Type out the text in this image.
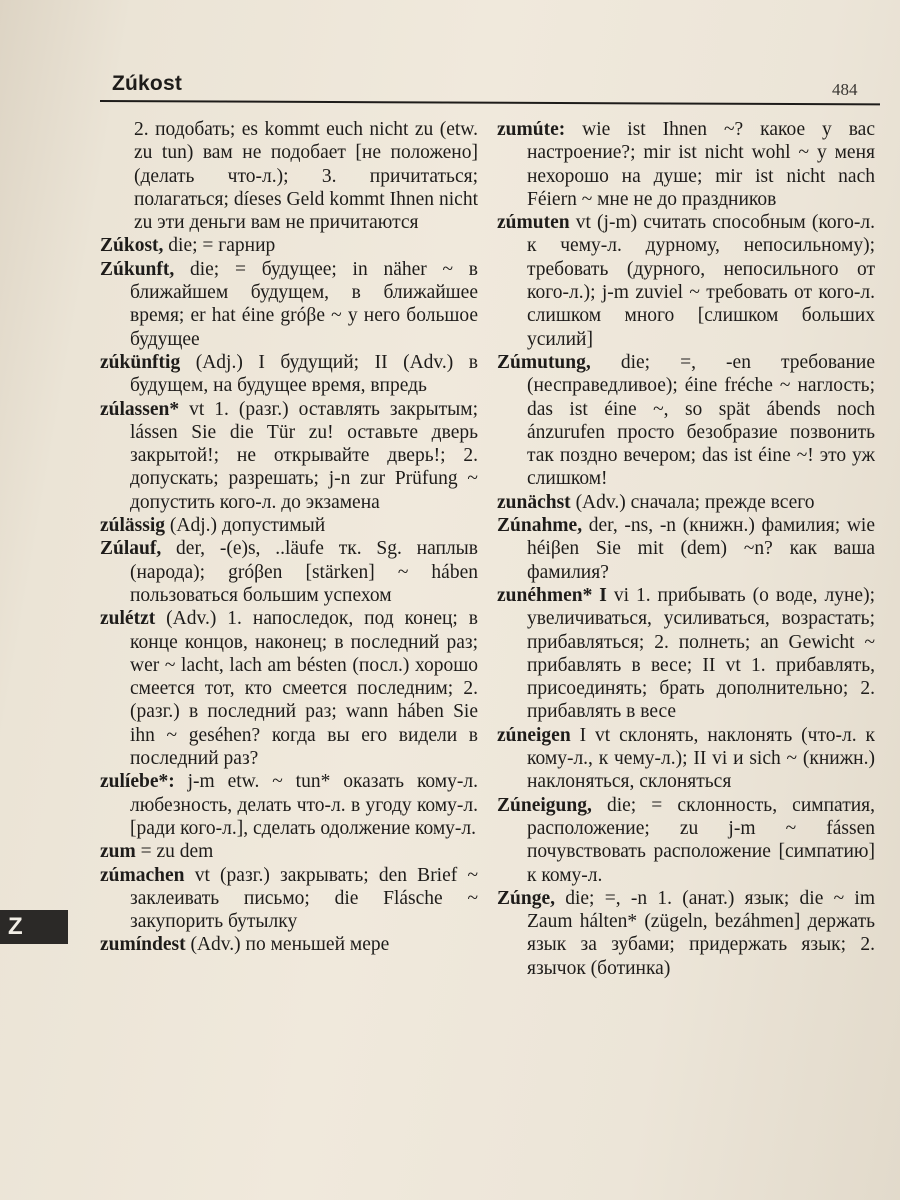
Zúkost	484

2. подобать; es kommt euch nicht zu (etw. zu tun) вам не подобает [не положено] (делать что-л.); 3. причитаться; полагаться; díeses Geld kommt Ihnen nicht zu эти деньги вам не причитаются

Zúkost, die; = гарнир

Zúkunft, die; = будущее; in näher ~ в ближайшем будущем, в ближайшее время; er hat éine gróβe ~ у него большое будущее

zúkünftig (Adj.) I будущий; II (Adv.) в будущем, на будущее время, впредь

zúlassen* vt 1. (разг.) оставлять закрытым; lássen Sie die Tür zu! оставьте дверь закрытой!; не открывайте дверь!; 2. допускать; разрешать; j-n zur Prüfung ~ допустить кого-л. до экзамена

zúlässig (Adj.) допустимый

Zúlauf, der, -(e)s, ..läufe тк. Sg. наплыв (народа); gróβen [stärken] ~ háben пользоваться большим успехом

zulétzt (Adv.) 1. напоследок, под конец; в конце концов, наконец; в последний раз; wer ~ lacht, lach am bésten (посл.) хорошо смеется тот, кто смеется последним; 2. (разг.) в последний раз; wann háben Sie ihn ~ geséhen? когда вы его видели в последний раз?

zulíebe*: j-m etw. ~ tun* оказать кому-л. любезность, делать что-л. в угоду кому-л. [ради кого-л.], сделать одолжение кому-л.

zum = zu dem

zúmachen vt (разг.) закрывать; den Brief ~ заклеивать письмо; die Flásche ~ закупорить бутылку

zumíndest (Adv.) по меньшей мере

zumúte: wie ist Ihnen ~? какое у вас настроение?; mir ist nicht wohl ~ у меня нехорошо на душе; mir ist nicht nach Féiern ~ мне не до праздников

zúmuten vt (j-m) считать способным (кого-л. к чему-л. дурному, непосильному); требовать (дурного, непосильного от кого-л.); j-m zuviel ~ требовать от кого-л. слишком много [слишком больших усилий]

Zúmutung, die; =, -en требование (несправедливое); éine fréche ~ наглость; das ist éine ~, so spät ábends noch ánzurufen просто безобразие позвонить так поздно вечером; das ist éine ~! это уж слишком!

zunächst (Adv.) сначала; прежде всего

Zúnahme, der, -ns, -n (книжн.) фамилия; wie héiβen Sie mit (dem) ~n? как ваша фамилия?

zunéhmen* I vi 1. прибывать (о воде, луне); увеличиваться, усиливаться, возрастать; прибавляться; 2. полнеть; an Gewicht ~ прибавлять в весе; II vt 1. прибавлять, присоединять; брать дополнительно; 2. прибавлять в весе

zúneigen I vt склонять, наклонять (что-л. к кому-л., к чему-л.); II vi и sich ~ (книжн.) наклоняться, склоняться

Zúneigung, die; = склонность, симпатия, расположение; zu j-m ~ fássen почувствовать расположение [симпатию] к кому-л.

Zúnge, die; =, -n 1. (анат.) язык; die ~ im Zaum hálten* (zügeln, bezáhmen] держать язык за зубами; придержать язык; 2. язычок (ботинка)

Z
